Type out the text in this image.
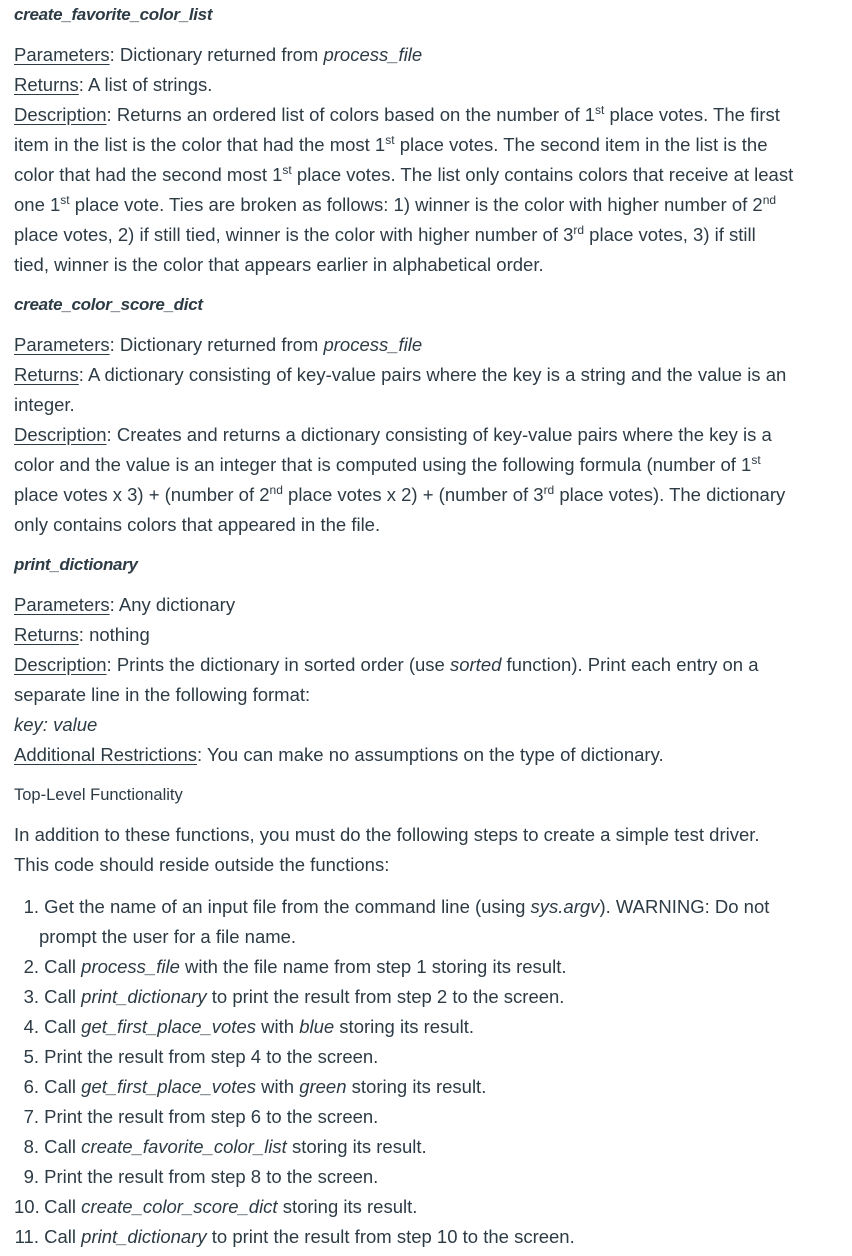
create_favorite_color_list
Parameters: Dictionary returned from process_file
Returns: A list of strings.
Description: Returns an ordered list of colors based on the number of 1st place votes. The first
item in the list is the color that had the most 1st place votes. The second item in the list is the
color that had the second most 1st place votes. The list only contains colors that receive at least
one 1st place vote. Ties are broken as follows: 1) winner is the color with higher number of 2nd
place votes, 2) if still tied, winner is the color with higher number of 3rd place votes, 3) if still
tied, winner is the color that appears earlier in alphabetical order.
create_color_score_dict
Parameters: Dictionary returned from process_file
Returns: A dictionary consisting of key-value pairs where the key is a string and the value is an
integer.
Description: Creates and returns a dictionary consisting of key-value pairs where the key is a
color and the value is an integer that is computed using the following formula (number of 1st
place votes x 3) + (number of 2nd place votes x 2) + (number of 3rd place votes). The dictionary
only contains colors that appeared in the file.
print_dictionary
Parameters: Any dictionary
Returns: nothing
Description: Prints the dictionary in sorted order (use sorted function). Print each entry on a
separate line in the following format:
key: value
Additional Restrictions: You can make no assumptions on the type of dictionary.
Top-Level Functionality
In addition to these functions, you must do the following steps to create a simple test driver.
This code should reside outside the functions:
1. Get the name of an input file from the command line (using sys.argv). WARNING: Do not
prompt the user for a file name.
2. Call process_file with the file name from step 1 storing its result.
3. Call print_dictionary to print the result from step 2 to the screen.
4. Call get_first_place_votes with blue storing its result.
5. Print the result from step 4 to the screen.
6. Call get_first_place_votes with green storing its result.
7. Print the result from step 6 to the screen.
8. Call create_favorite_color_list storing its result.
9. Print the result from step 8 to the screen.
10. Call create_color_score_dict storing its result.
11. Call print_dictionary to print the result from step 10 to the screen.
